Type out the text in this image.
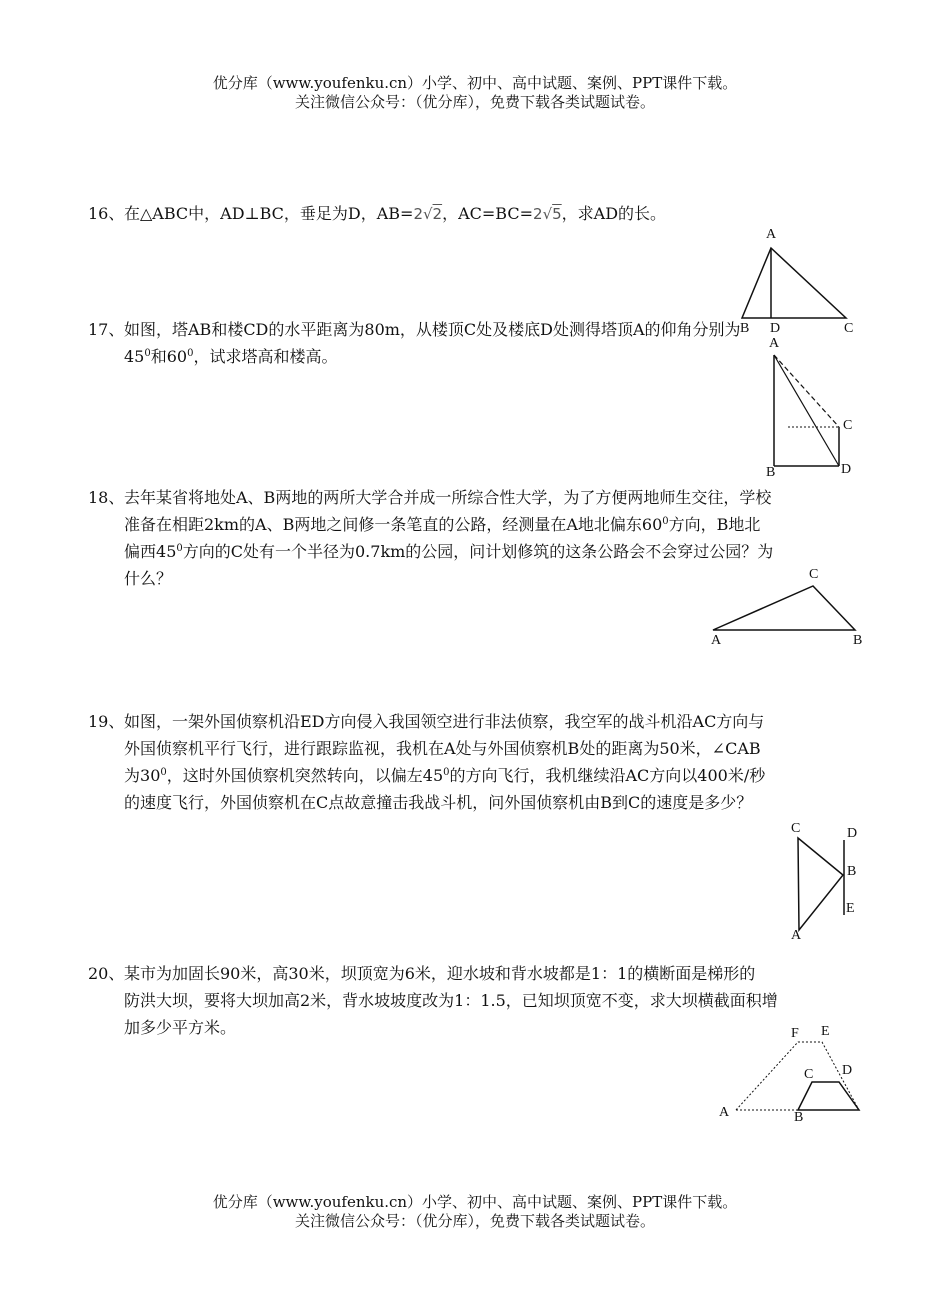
优分库（www.youfenku.cn）小学、初中、高中试题、案例、PPT课件下载。
关注微信公众号：（优分库），免费下载各类试题试卷。

16、在△ABC中，AD⊥BC，垂足为D，AB=2√2，AC=BC=2√5，求AD的长。

A
B D	C

17、如图，塔AB和楼CD的水平距离为80m，从楼顶C处及楼底D处测得塔顶A的仰角分别为

$45^0$和$60^0$，试求塔高和楼高。

A
B
C
D

18、去年某省将地处A、B两地的两所大学合并成一所综合性大学，为了方便两地师生交往，学校

准备在相距2km的A、B两地之间修一条笔直的公路，经测量在A地北偏东$60^0$方向，B地北

偏西$45^0$方向的C处有一个半径为0.7km的公园，问计划修筑的这条公路会不会穿过公园？为

什么？	C
A	B

19、如图，一架外国侦察机沿ED方向侵入我国领空进行非法侦察，我空军的战斗机沿AC方向与

外国侦察机平行飞行，进行跟踪监视，我机在A处与外国侦察机B处的距离为50米，∠CAB

为$30^0$，这时外国侦察机突然转向，以偏左$45^0$的方向飞行，我机继续沿AC方向以400米/秒

的速度飞行，外国侦察机在C点故意撞击我战斗机，问外国侦察机由B到C的速度是多少？

C	D
B
E
A

20、某市为加固长90米，高30米，坝顶宽为6米，迎水坡和背水坡都是1：1的横断面是梯形的

防洪大坝，要将大坝加高2米，背水坡坡度改为1：1.5，已知坝顶宽不变，求大坝横截面积增

加多少平方米。	F E
C D
A	B
优分库（www.youfenku.cn）小学、初中、高中试题、案例、PPT课件下载。
关注微信公众号：（优分库），免费下载各类试题试卷。
